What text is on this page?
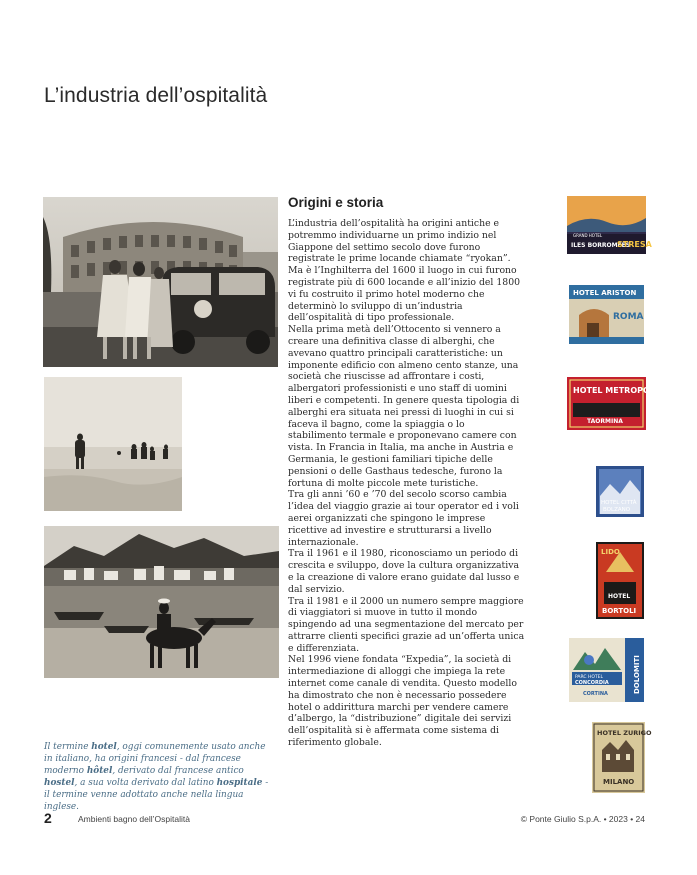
L’industria dell’ospitalità
Il termine hotel, oggi comunemente usato anche in italiano, ha origini francesi - dal francese moderno hôtel, derivato dal francese antico hostel, a sua volta derivato dal latino hospitale - il termine venne adottato anche nella lingua inglese.
Origini e storia

L’industria dell’ospitalità ha origini antiche e potremmo individuarne un primo indizio nel Giappone del settimo secolo dove furono registrate le prime locande chiamate “ryokan”. Ma è l’Inghilterra del 1600 il luogo in cui furono registrate più di 600 locande e all’inizio del 1800 vi fu costruito il primo hotel moderno che determinò lo sviluppo di un’industria dell’ospitalità di tipo professionale.

Nella prima metà dell’Ottocento si vennero a creare una definitiva classe di alberghi, che avevano quattro principali caratteristiche: un imponente edificio con almeno cento stanze, una società che riuscisse ad affrontare i costi, albergatori professionisti e uno staff di uomini liberi e competenti. In genere questa tipologia di alberghi era situata nei pressi di luoghi in cui si faceva il bagno, come la spiaggia o lo stabilimento termale e proponevano camere con vista. In Francia in Italia, ma anche in Austria e Germania, le gestioni familiari tipiche delle pensioni o delle Gasthaus tedesche, furono la fortuna di molte piccole mete turistiche.

Tra gli anni ’60 e ’70 del secolo scorso cambia l’idea del viaggio grazie ai tour operator ed i voli aerei organizzati che spingono le imprese ricettive ad investire e strutturarsi a livello internazionale.

Tra il 1961 e il 1980, riconosciamo un periodo di crescita e sviluppo, dove la cultura organizzativa e la creazione di valore erano guidate dal lusso e dal servizio.

Tra il 1981 e il 2000 un numero sempre maggiore di viaggiatori si muove in tutto il mondo spingendo ad una segmentazione del mercato per attrarre clienti specifici grazie ad un’offerta unica e differenziata.

Nel 1996 viene fondata “Expedia”, la società di intermediazione di alloggi che impiega la rete internet come canale di vendita. Questo modello ha dimostrato che non è necessario possedere hotel o addirittura marchi per vendere camere d’albergo, la “distribuzione” digitale dei servizi dell’ospitalità si è affermata come sistema di riferimento globale.

GRAND HOTEL
ILES BORROMEES
STRESA
HOTEL ARISTON
ROMA
HOTEL METROPOLE
TAORMINA
HOTEL CITTÀ
BOLZANO
LIDO
HOTEL
BORTOLI
PARC HOTEL
CONCORDIA
CORTINA	DOLOMITI
HOTEL ZURIGO
MILANO
2	Ambienti bagno dell’Ospitalità	© Ponte Giulio S.p.A. • 2023 • 24
